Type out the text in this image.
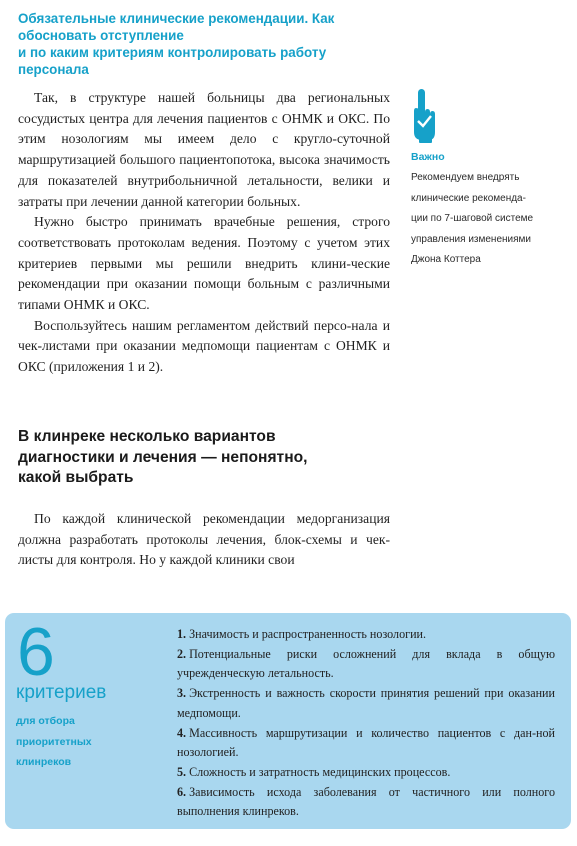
Обязательные клинические рекомендации. Как обосновать отступление
и по каким критериям контролировать работу персонала

Так, в структуре нашей больницы два региональных сосудистых центра для лечения пациентов с ОНМК и ОКС. По этим нозологиям мы имеем дело с кругло-суточной маршрутизацией большого пациентопотока, высока значимость для показателей внутрибольничной летальности, велики и затраты при лечении данной категории больных.

Нужно быстро принимать врачебные решения, строго соответствовать протоколам ведения. Поэтому с учетом этих критериев первыми мы решили внедрить клини-ческие рекомендации при оказании помощи больным с различными типами ОНМК и ОКС.

Воспользуйтесь нашим регламентом действий персо-нала и чек-листами при оказании медпомощи пациентам с ОНМК и ОКС (приложения 1 и 2).

Важно
Рекомендуем внедрять
клинические рекоменда-
ции по 7-шаговой системе
управления изменениями
Джона Коттера
В клинреке несколько вариантов
диагностики и лечения — непонятно,
какой выбрать

По каждой клинической рекомендации медорганизация должна разработать протоколы лечения, блок-схемы и чек-листы для контроля. Но у каждой клиники свои

6
критериев
для отбора
приоритетных
клинреков
1. Значимость и распространенность нозологии.
2. Потенциальные риски осложнений для вклада в общую учрежденческую летальность.
3. Экстренность и важность скорости принятия решений при оказании медпомощи.
4. Массивность маршрутизации и количество пациентов с дан-ной нозологией.
5. Сложность и затратность медицинских процессов.
6. Зависимость исхода заболевания от частичного или полного выполнения клинреков.
